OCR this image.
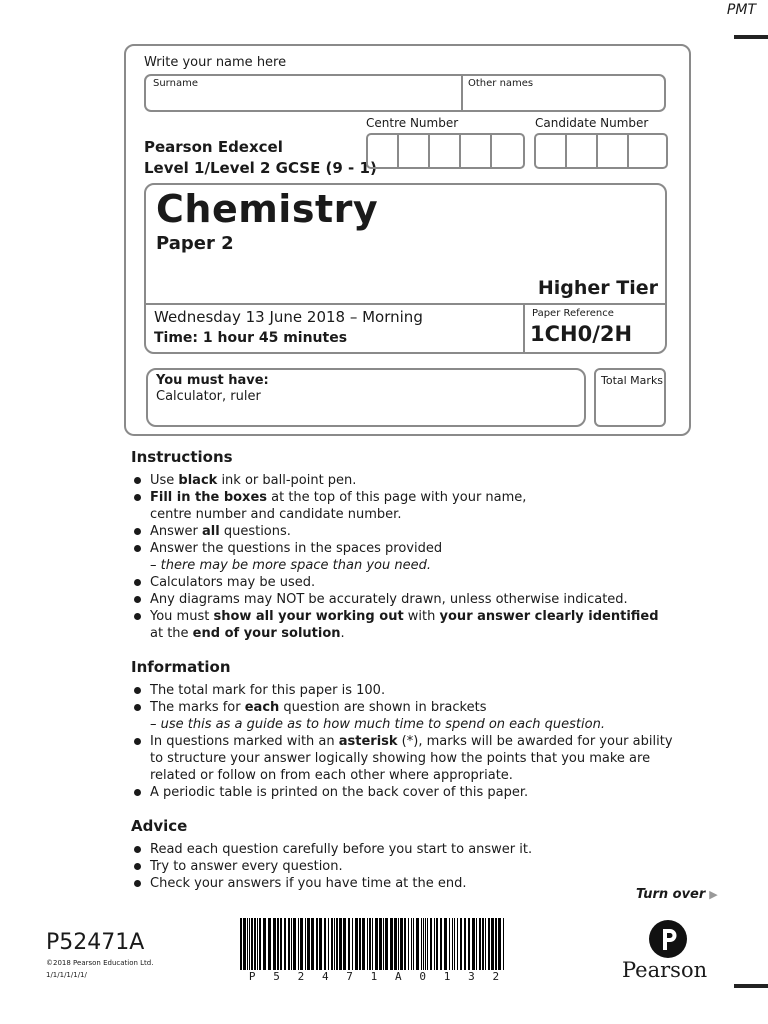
PMT
Write your name here
Surname	Other names
Pearson Edexcel
Level 1/Level 2 GCSE (9 - 1)
Centre Number	Candidate Number
Chemistry
Paper 2
Higher Tier
Wednesday 13 June 2018 – Morning
Time: 1 hour 45 minutes
Paper Reference
1CH0/2H
You must have:
Calculator, ruler
Total Marks
Instructions
Use black ink or ball-point pen.
Fill in the boxes at the top of this page with your name,
centre number and candidate number.
Answer all questions.
Answer the questions in the spaces provided
– there may be more space than you need.
Calculators may be used.
Any diagrams may NOT be accurately drawn, unless otherwise indicated.
You must show all your working out with your answer clearly identified
at the end of your solution.
Information
The total mark for this paper is 100.
The marks for each question are shown in brackets
– use this as a guide as to how much time to spend on each question.
In questions marked with an asterisk (*), marks will be awarded for your ability
to structure your answer logically showing how the points that you make are
related or follow on from each other where appropriate.
A periodic table is printed on the back cover of this paper.
Advice
Read each question carefully before you start to answer it.
Try to answer every question.
Check your answers if you have time at the end.
Turn over ▶
P52471A
©2018 Pearson Education Ltd.
1/1/1/1/1/1/	P 5 2 4 7 1 A 0 1 3 2	Pearson
